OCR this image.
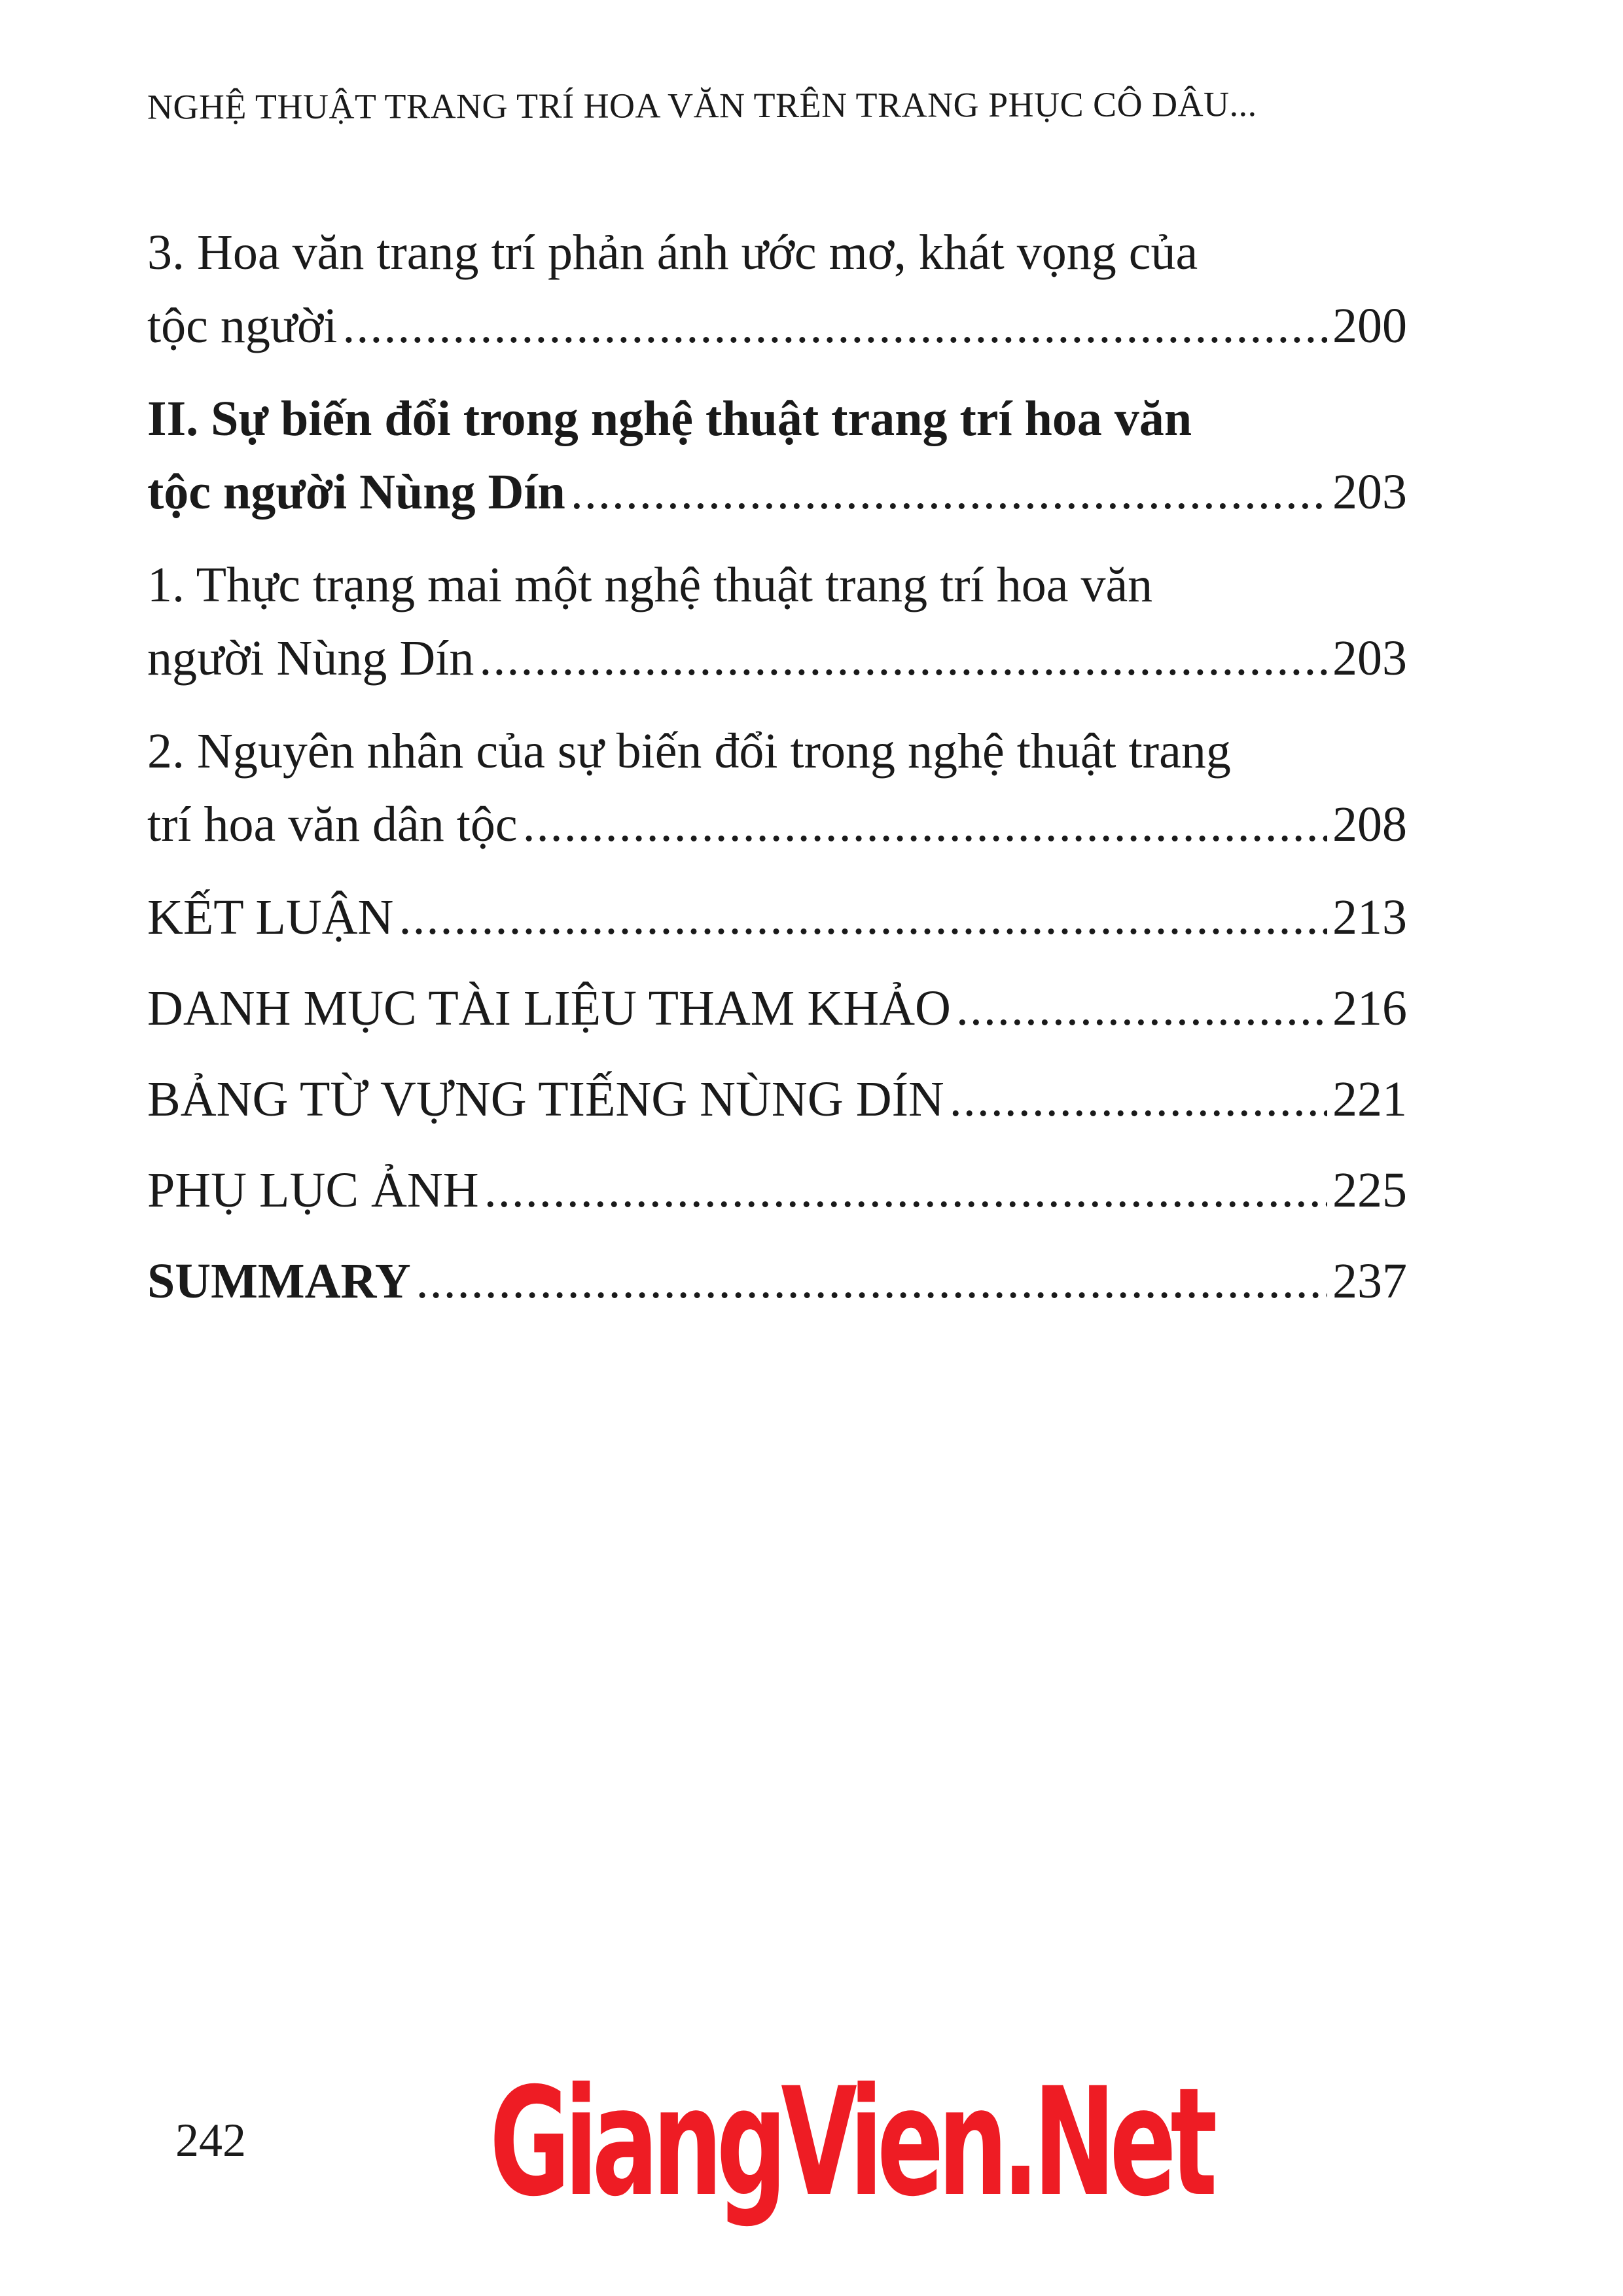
NGHỆ THUẬT TRANG TRÍ HOA VĂN TRÊN TRANG PHỤC CÔ DÂU...
3. Hoa văn trang trí phản ánh ước mơ, khát vọng của
tộc người .....	200
II. Sự biến đổi trong nghệ thuật trang trí hoa văn
tộc người Nùng Dín .....	203
1. Thực trạng mai một nghệ thuật trang trí hoa văn
người Nùng Dín .....	203
2. Nguyên nhân của sự biến đổi trong nghệ thuật trang
trí hoa văn dân tộc .....	208
KẾT LUẬN .....	213
DANH MỤC TÀI LIỆU THAM KHẢO .....	216
BẢNG TỪ VỰNG TIẾNG NÙNG DÍN .....	221
PHỤ LỤC ẢNH .....	225
SUMMARY .....	237
242 GiangVien.Net
